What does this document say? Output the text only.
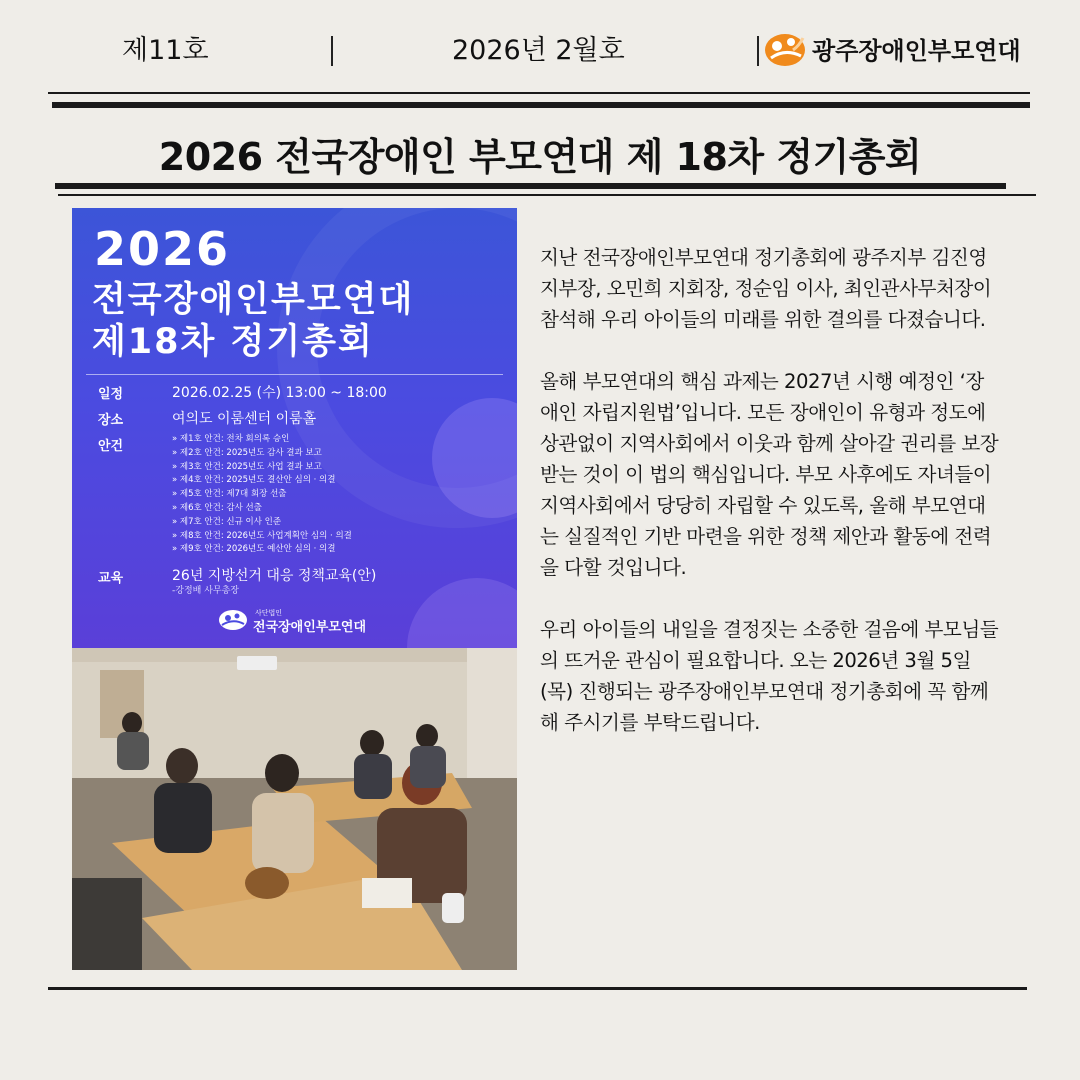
제11호	2026년 2월호	광주장애인부모연대
2026 전국장애인 부모연대 제 18차 정기총회
2026
전국장애인부모연대
제18차 정기총회
일정	2026.02.25 (수) 13:00 ~ 18:00
장소	여의도 이룸센터 이룸홀
안건	» 제1호 안건: 전차 회의록 승인
» 제2호 안건: 2025년도 감사 결과 보고
» 제3호 안건: 2025년도 사업 결과 보고
» 제4호 안건: 2025년도 결산안 심의 · 의결
» 제5호 안건: 제7대 회장 선출
» 제6호 안건: 감사 선출
» 제7호 안건: 신규 이사 인준
» 제8호 안건: 2026년도 사업계획안 심의 · 의결
» 제9호 안건: 2026년도 예산안 심의 · 의결
교육	26년 지방선거 대응 정책교육(안)
-강정배 사무총장
사단법인
전국장애인부모연대

지난 전국장애인부모연대 정기총회에 광주지부 김진영 지부장, 오민희 지회장, 정순임 이사, 최인관사무처장이 참석해 우리 아이들의 미래를 위한 결의를 다졌습니다.

올해 부모연대의 핵심 과제는 2027년 시행 예정인 ‘장애인 자립지원법’입니다. 모든 장애인이 유형과 정도에 상관없이 지역사회에서 이웃과 함께 살아갈 권리를 보장받는 것이 이 법의 핵심입니다. 부모 사후에도 자녀들이 지역사회에서 당당히 자립할 수 있도록, 올해 부모연대는 실질적인 기반 마련을 위한 정책 제안과 활동에 전력을 다할 것입니다.

우리 아이들의 내일을 결정짓는 소중한 걸음에 부모님들의 뜨거운 관심이 필요합니다. 오는 2026년 3월 5일(목) 진행되는 광주장애인부모연대 정기총회에 꼭 함께해 주시기를 부탁드립니다.
